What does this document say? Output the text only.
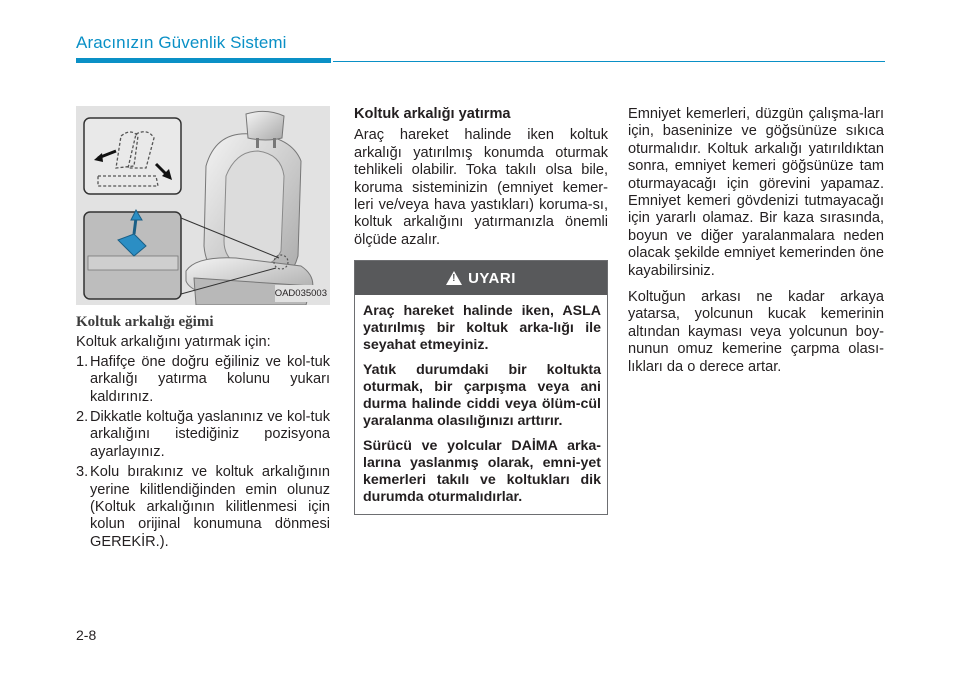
Aracınızın Güvenlik Sistemi
OAD035003
Koltuk arkalığı eğimi

Koltuk arkalığını yatırmak için:

1. Hafifçe öne doğru eğiliniz ve kol-tuk arkalığı yatırma kolunu yukarı kaldırınız.
2. Dikkatle koltuğa yaslanınız ve kol-tuk arkalığını istediğiniz pozisyona ayarlayınız.
3. Kolu bırakınız ve koltuk arkalığının yerine kilitlendiğinden emin olunuz (Koltuk arkalığının kilitlenmesi için kolun orijinal konumuna dönmesi GEREKİR.).
Koltuk arkalığı yatırma

Araç hareket halinde iken koltuk arkalığı yatırılmış konumda oturmak tehlikeli olabilir. Toka takılı olsa bile, koruma sisteminizin (emniyet kemer-leri ve/veya hava yastıkları) koruma-sı, koltuk arkalığını yatırmanızla önemli ölçüde azalır.

! UYARI

Araç hareket halinde iken, ASLA yatırılmış bir koltuk arka-lığı ile seyahat etmeyiniz.

Yatık durumdaki bir koltukta oturmak, bir çarpışma veya ani durma halinde ciddi veya ölüm-cül yaralanma olasılığınızı arttırır.

Sürücü ve yolcular DAİMA arka-larına yaslanmış olarak, emni-yet kemerleri takılı ve koltukları dik durumda oturmalıdırlar.

Emniyet kemerleri, düzgün çalışma-ları için, baseninize ve göğsünüze sıkıca oturmalıdır. Koltuk arkalığı yatırıldıktan sonra, emniyet kemeri göğsünüze tam oturmayacağı için görevini yapamaz. Emniyet kemeri gövdenizi tutmayacağı için yararlı olamaz. Bir kaza sırasında, boyun ve diğer yaralanmalara neden olacak şekilde emniyet kemerinden öne kayabilirsiniz.

Koltuğun arkası ne kadar arkaya yatarsa, yolcunun kucak kemerinin altından kayması veya yolcunun boy-nunun omuz kemerine çarpma olası-lıkları da o derece artar.

2-8
